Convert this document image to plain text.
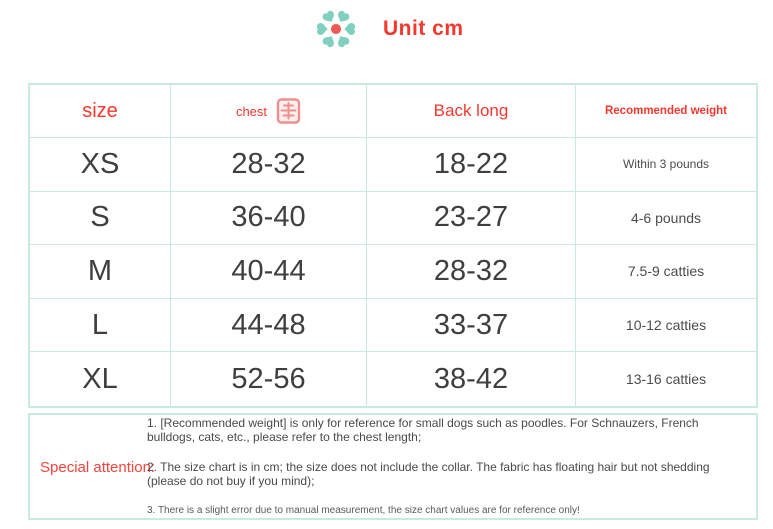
Unit cm
size	chest	Back long	Recommended weight
XS	28-32	18-22	Within 3 pounds
S	36-40	23-27	4-6 pounds
M	40-44	28-32	7.5-9 catties
L	44-48	33-37	10-12 catties
XL	52-56	38-42	13-16 catties
Special attention:

1. [Recommended weight] is only for reference for small dogs such as poodles. For Schnauzers, French bulldogs, cats, etc., please refer to the chest length;

2. The size chart is in cm; the size does not include the collar. The fabric has floating hair but not shedding (please do not buy if you mind);

3. There is a slight error due to manual measurement, the size chart values are for reference only!
